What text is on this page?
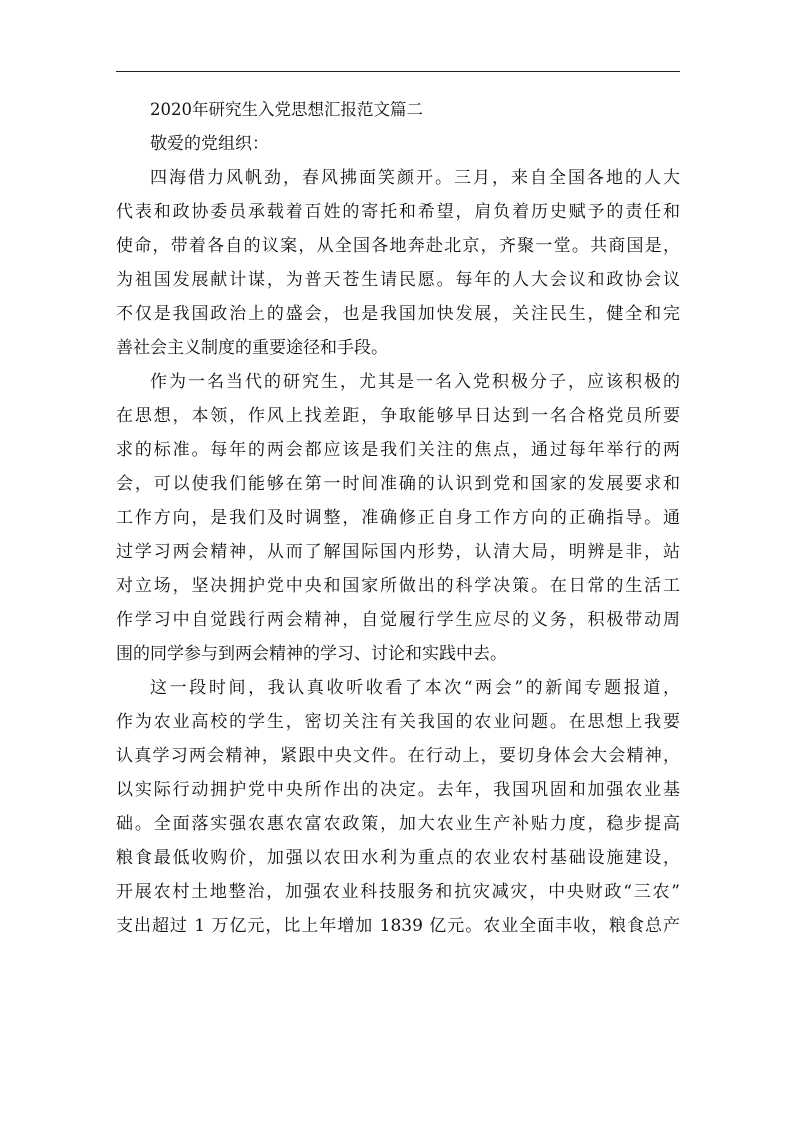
2020年研究生入党思想汇报范文篇二
敬爱的党组织：
四海借力风帆劲，春风拂面笑颜开。三月，来自全国各地的人大
代表和政协委员承载着百姓的寄托和希望，肩负着历史赋予的责任和
使命，带着各自的议案，从全国各地奔赴北京，齐聚一堂。共商国是，
为祖国发展献计谋，为普天苍生请民愿。每年的人大会议和政协会议
不仅是我国政治上的盛会，也是我国加快发展，关注民生，健全和完
善社会主义制度的重要途径和手段。
作为一名当代的研究生，尤其是一名入党积极分子，应该积极的
在思想，本领，作风上找差距，争取能够早日达到一名合格党员所要
求的标准。每年的两会都应该是我们关注的焦点，通过每年举行的两
会，可以使我们能够在第一时间准确的认识到党和国家的发展要求和
工作方向，是我们及时调整，准确修正自身工作方向的正确指导。通
过学习两会精神，从而了解国际国内形势，认清大局，明辨是非，站
对立场，坚决拥护党中央和国家所做出的科学决策。在日常的生活工
作学习中自觉践行两会精神，自觉履行学生应尽的义务，积极带动周
围的同学参与到两会精神的学习、讨论和实践中去。
这一段时间，我认真收听收看了本次“两会”的新闻专题报道，
作为农业高校的学生，密切关注有关我国的农业问题。在思想上我要
认真学习两会精神，紧跟中央文件。在行动上，要切身体会大会精神，
以实际行动拥护党中央所作出的决定。去年，我国巩固和加强农业基
础。全面落实强农惠农富农政策，加大农业生产补贴力度，稳步提高
粮食最低收购价，加强以农田水利为重点的农业农村基础设施建设，
开展农村土地整治，加强农业科技服务和抗灾减灾，中央财政“三农”
支出超过 1 万亿元，比上年增加 1839 亿元。农业全面丰收，粮食总产
